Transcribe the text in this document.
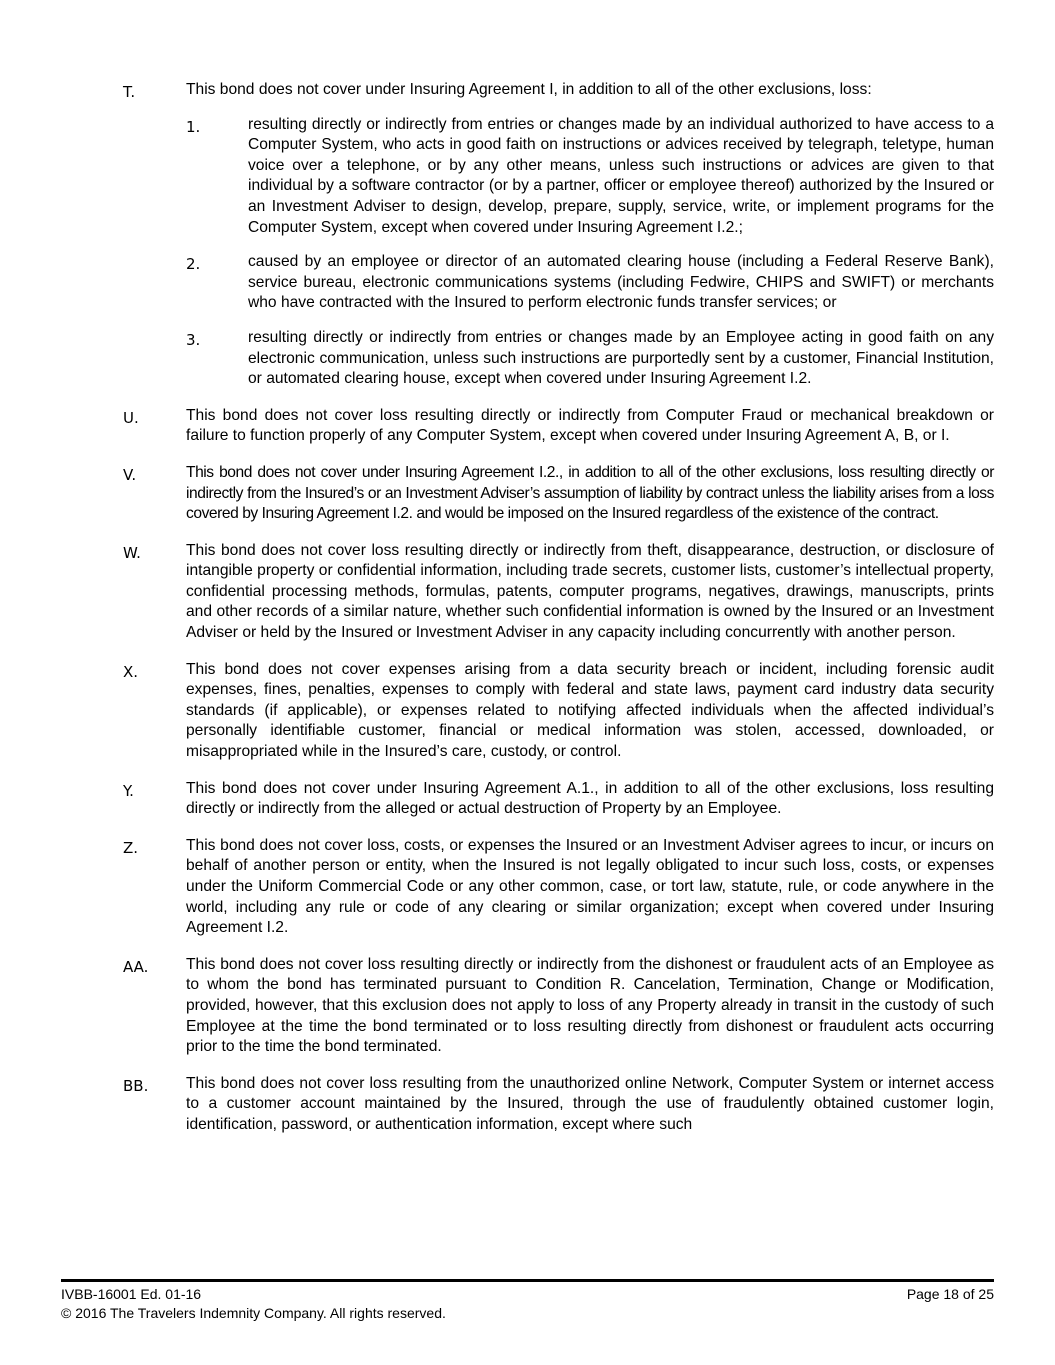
T.	This bond does not cover under Insuring Agreement I, in addition to all of the other exclusions, loss:
1.	resulting directly or indirectly from entries or changes made by an individual authorized to have access to a Computer System, who acts in good faith on instructions or advices received by telegraph, teletype, human voice over a telephone, or by any other means, unless such instructions or advices are given to that individual by a software contractor (or by a partner, officer or employee thereof) authorized by the Insured or an Investment Adviser to design, develop, prepare, supply, service, write, or implement programs for the Computer System, except when covered under Insuring Agreement I.2.;
2.	caused by an employee or director of an automated clearing house (including a Federal Reserve Bank), service bureau, electronic communications systems (including Fedwire, CHIPS and SWIFT) or merchants who have contracted with the Insured to perform electronic funds transfer services; or
3.	resulting directly or indirectly from entries or changes made by an Employee acting in good faith on any electronic communication, unless such instructions are purportedly sent by a customer, Financial Institution, or automated clearing house, except when covered under Insuring Agreement I.2.
U.	This bond does not cover loss resulting directly or indirectly from Computer Fraud or mechanical breakdown or failure to function properly of any Computer System, except when covered under Insuring Agreement A, B, or I.
V.	This bond does not cover under Insuring Agreement I.2., in addition to all of the other exclusions, loss resulting directly or indirectly from the Insured’s or an Investment Adviser’s assumption of liability by contract unless the liability arises from a loss covered by Insuring Agreement I.2. and would be imposed on the Insured regardless of the existence of the contract.
W.	This bond does not cover loss resulting directly or indirectly from theft, disappearance, destruction, or disclosure of intangible property or confidential information, including trade secrets, customer lists, customer’s intellectual property, confidential processing methods, formulas, patents, computer programs, negatives, drawings, manuscripts, prints and other records of a similar nature, whether such confidential information is owned by the Insured or an Investment Adviser or held by the Insured or Investment Adviser in any capacity including concurrently with another person.
X.	This bond does not cover expenses arising from a data security breach or incident, including forensic audit expenses, fines, penalties, expenses to comply with federal and state laws, payment card industry data security standards (if applicable), or expenses related to notifying affected individuals when the affected individual’s personally identifiable customer, financial or medical information was stolen, accessed, downloaded, or misappropriated while in the Insured’s care, custody, or control.
Y.	This bond does not cover under Insuring Agreement A.1., in addition to all of the other exclusions, loss resulting directly or indirectly from the alleged or actual destruction of Property by an Employee.
Z.	This bond does not cover loss, costs, or expenses the Insured or an Investment Adviser agrees to incur, or incurs on behalf of another person or entity, when the Insured is not legally obligated to incur such loss, costs, or expenses under the Uniform Commercial Code or any other common, case, or tort law, statute, rule, or code anywhere in the world, including any rule or code of any clearing or similar organization; except when covered under Insuring Agreement I.2.
AA.	This bond does not cover loss resulting directly or indirectly from the dishonest or fraudulent acts of an Employee as to whom the bond has terminated pursuant to Condition R. Cancelation, Termination, Change or Modification, provided, however, that this exclusion does not apply to loss of any Property already in transit in the custody of such Employee at the time the bond terminated or to loss resulting directly from dishonest or fraudulent acts occurring prior to the time the bond terminated.
BB.	This bond does not cover loss resulting from the unauthorized online Network, Computer System or internet access to a customer account maintained by the Insured, through the use of fraudulently obtained customer login, identification, password, or authentication information, except where such
IVBB-16001 Ed. 01-16	Page 18 of 25
© 2016 The Travelers Indemnity Company. All rights reserved.
